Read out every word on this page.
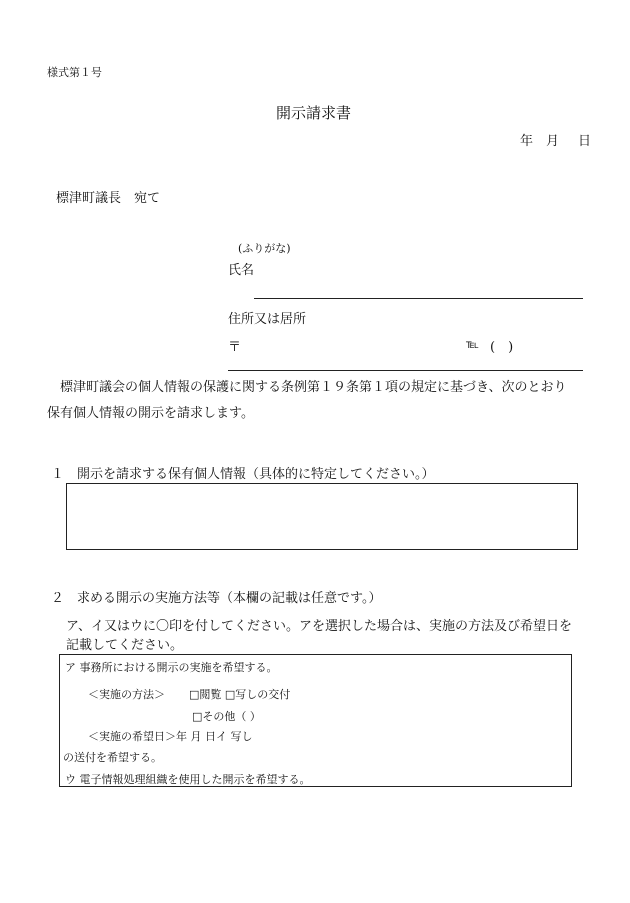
様式第１号
開示請求書
年 月 日
標津町議長　宛て
(ふりがな)
氏名
住所又は居所
〒	℡ (　)
標津町議会の個人情報の保護に関する条例第１９条第１項の規定に基づき、次のとおり
保有個人情報の開示を請求します。
１　開示を請求する保有個人情報（具体的に特定してください。）
２　求める開示の実施方法等（本欄の記載は任意です。）
ア、イ又はウに〇印を付してください。アを選択した場合は、実施の方法及び希望日を
記載してください。
ア 事務所における開示の実施を希望する。
＜実施の方法＞ □閲覧 □写しの交付
□その他（ ）
＜実施の希望日＞年 月 日イ 写し
の送付を希望する。
ウ 電子情報処理組織を使用した開示を希望する。
